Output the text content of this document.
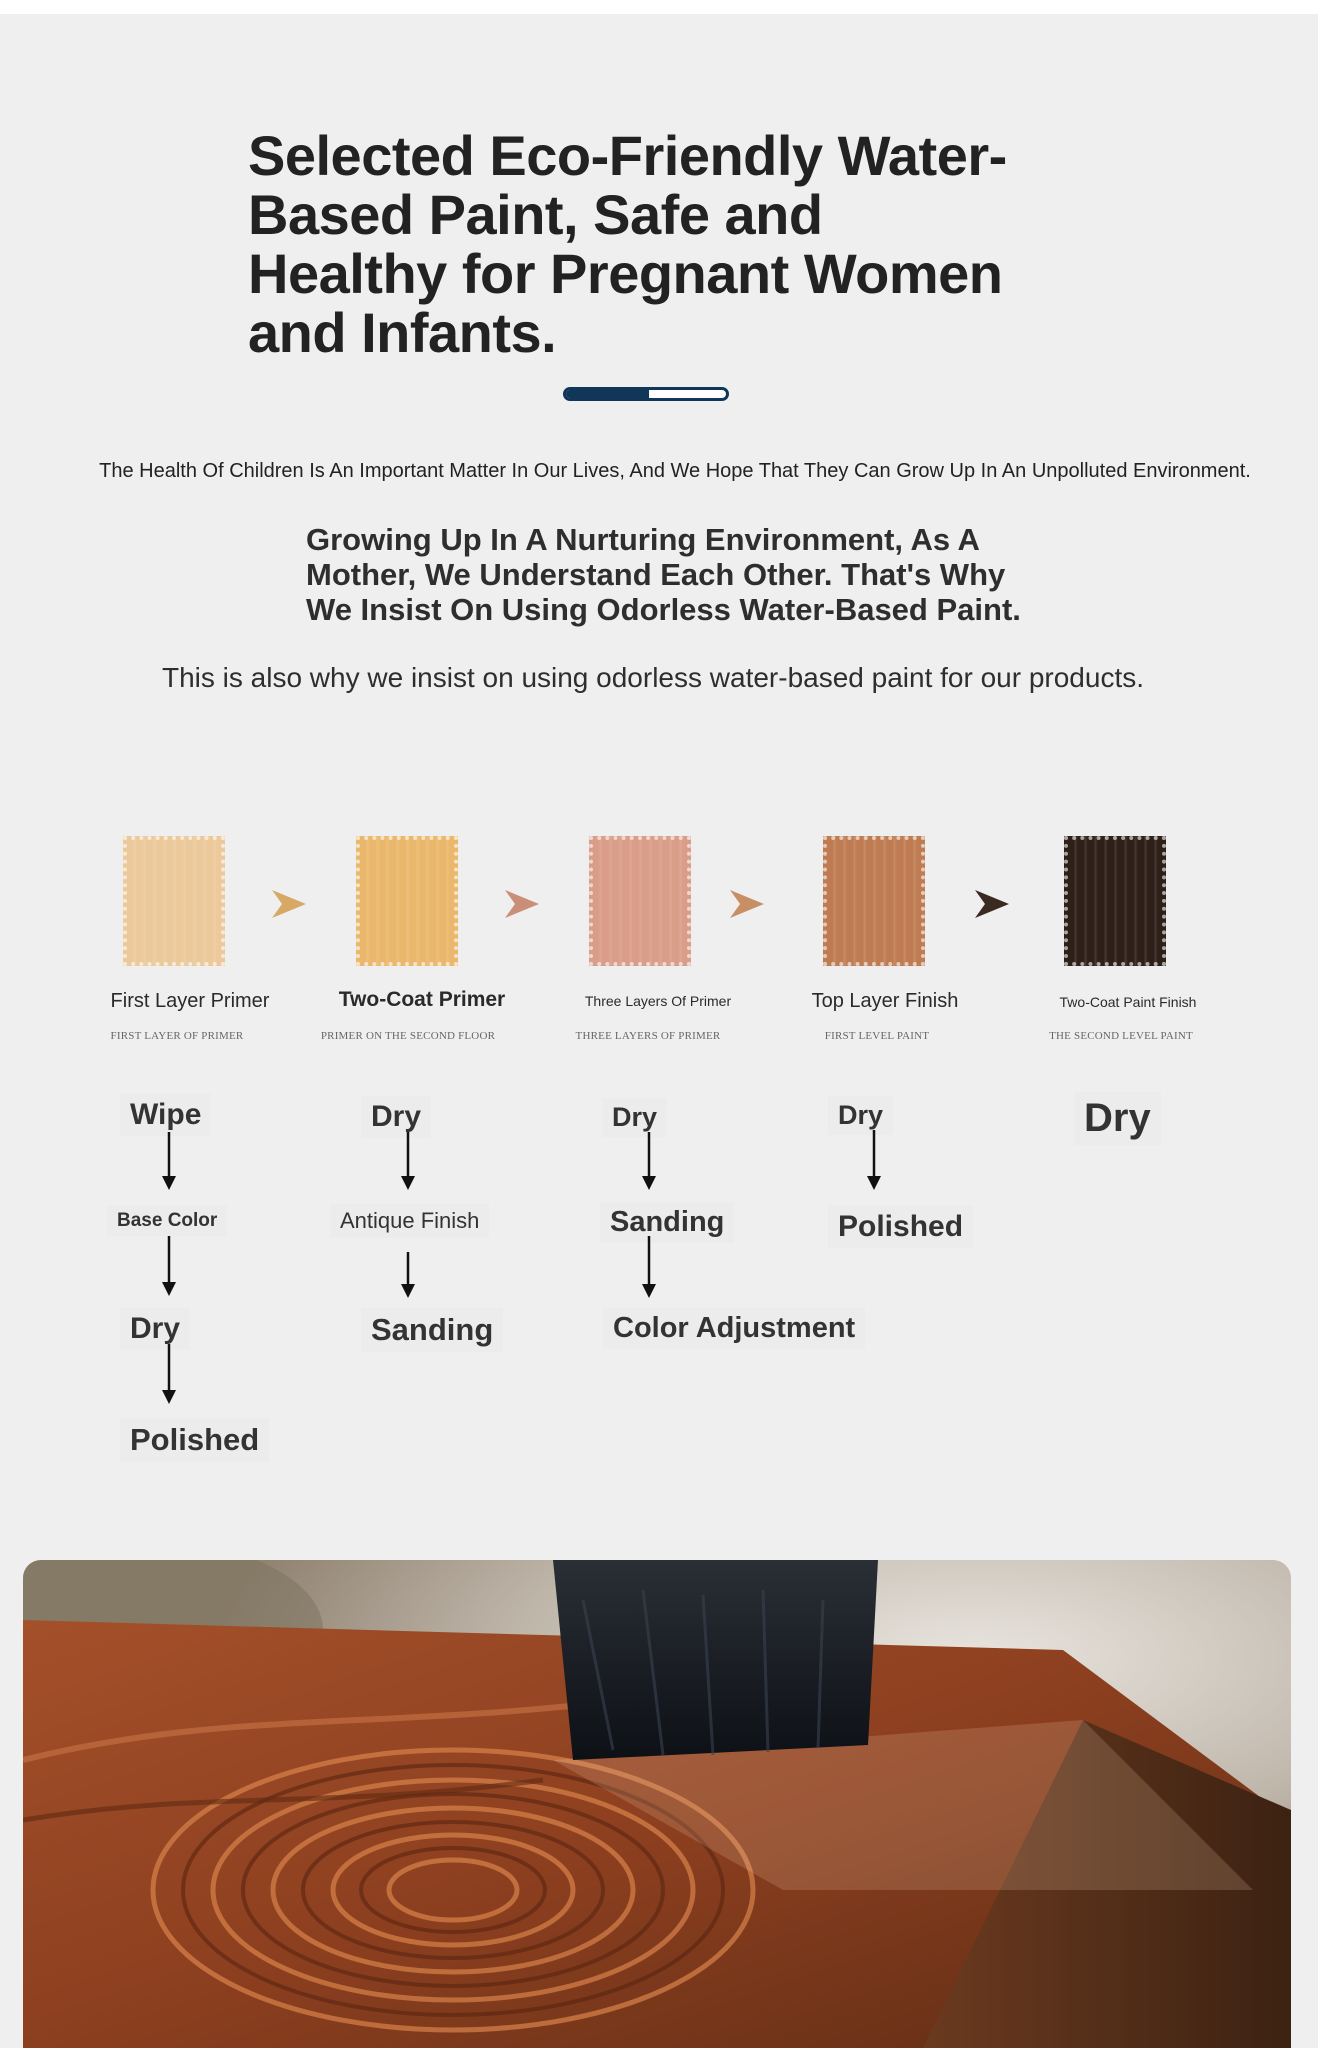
Selected Eco-Friendly Water-Based Paint, Safe and Healthy for Pregnant Women and Infants.
The Health Of Children Is An Important Matter In Our Lives, And We Hope That They Can Grow Up In An Unpolluted Environment.
Growing Up In A Nurturing Environment, As A Mother, We Understand Each Other. That's Why We Insist On Using Odorless Water-Based Paint.
This is also why we insist on using odorless water-based paint for our products.
First Layer Primer	Two-Coat Primer	Three Layers Of Primer	Top Layer Finish	Two-Coat Paint Finish
FIRST LAYER OF PRIMER	PRIMER ON THE SECOND FLOOR	THREE LAYERS OF PRIMER	FIRST LEVEL PAINT	THE SECOND LEVEL PAINT
Wipe
Base Color
Dry
Polished
Dry
Antique Finish
Sanding
Dry
Sanding
Color Adjustment
Dry
Polished
Dry
